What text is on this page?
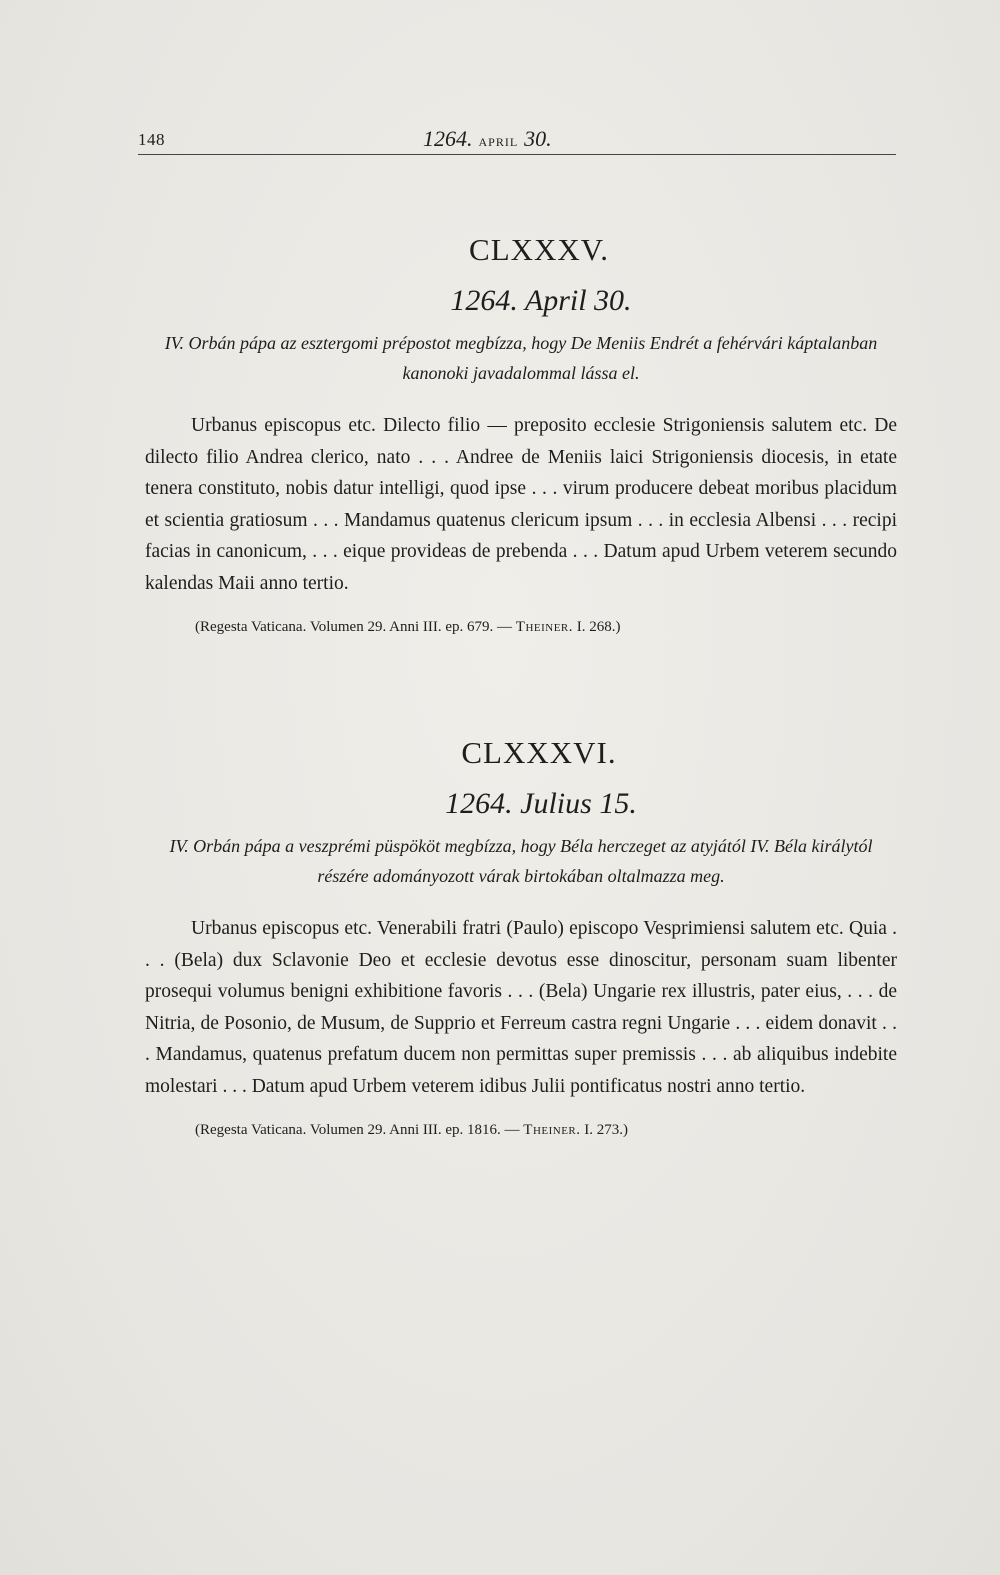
148	1264. APRIL 30.
CLXXXV.
1264. April 30.
IV. Orbán pápa az esztergomi prépostot megbízza, hogy De Meniis Endrét a fehérvári káptalanban kanonoki javadalommal lássa el.

Urbanus episcopus etc. Dilecto filio — preposito ecclesie Strigoniensis salutem etc. De dilecto filio Andrea clerico, nato . . . Andree de Meniis laici Strigoniensis diocesis, in etate tenera constituto, nobis datur intelligi, quod ipse . . . virum producere debeat moribus placidum et scientia gratiosum . . . Mandamus quatenus clericum ipsum . . . in ecclesia Albensi . . . recipi facias in canonicum, . . . eique provideas de prebenda . . . Datum apud Urbem veterem secundo kalendas Maii anno tertio.

(Regesta Vaticana. Volumen 29. Anni III. ep. 679. — Theiner. I. 268.)
CLXXXVI.
1264. Julius 15.
IV. Orbán pápa a veszprémi püspököt megbízza, hogy Béla herczeget az atyjától IV. Béla királytól részére adományozott várak birtokában oltalmazza meg.

Urbanus episcopus etc. Venerabili fratri (Paulo) episcopo Vesprimiensi salutem etc. Quia . . . (Bela) dux Sclavonie Deo et ecclesie devotus esse dinoscitur, personam suam libenter prosequi volumus benigni exhibitione favoris . . . (Bela) Ungarie rex illustris, pater eius, . . . de Nitria, de Posonio, de Musum, de Supprio et Ferreum castra regni Ungarie . . . eidem donavit . . . Mandamus, quatenus prefatum ducem non permittas super premissis . . . ab aliquibus indebite molestari . . . Datum apud Urbem veterem idibus Julii pontificatus nostri anno tertio.

(Regesta Vaticana. Volumen 29. Anni III. ep. 1816. — Theiner. I. 273.)
